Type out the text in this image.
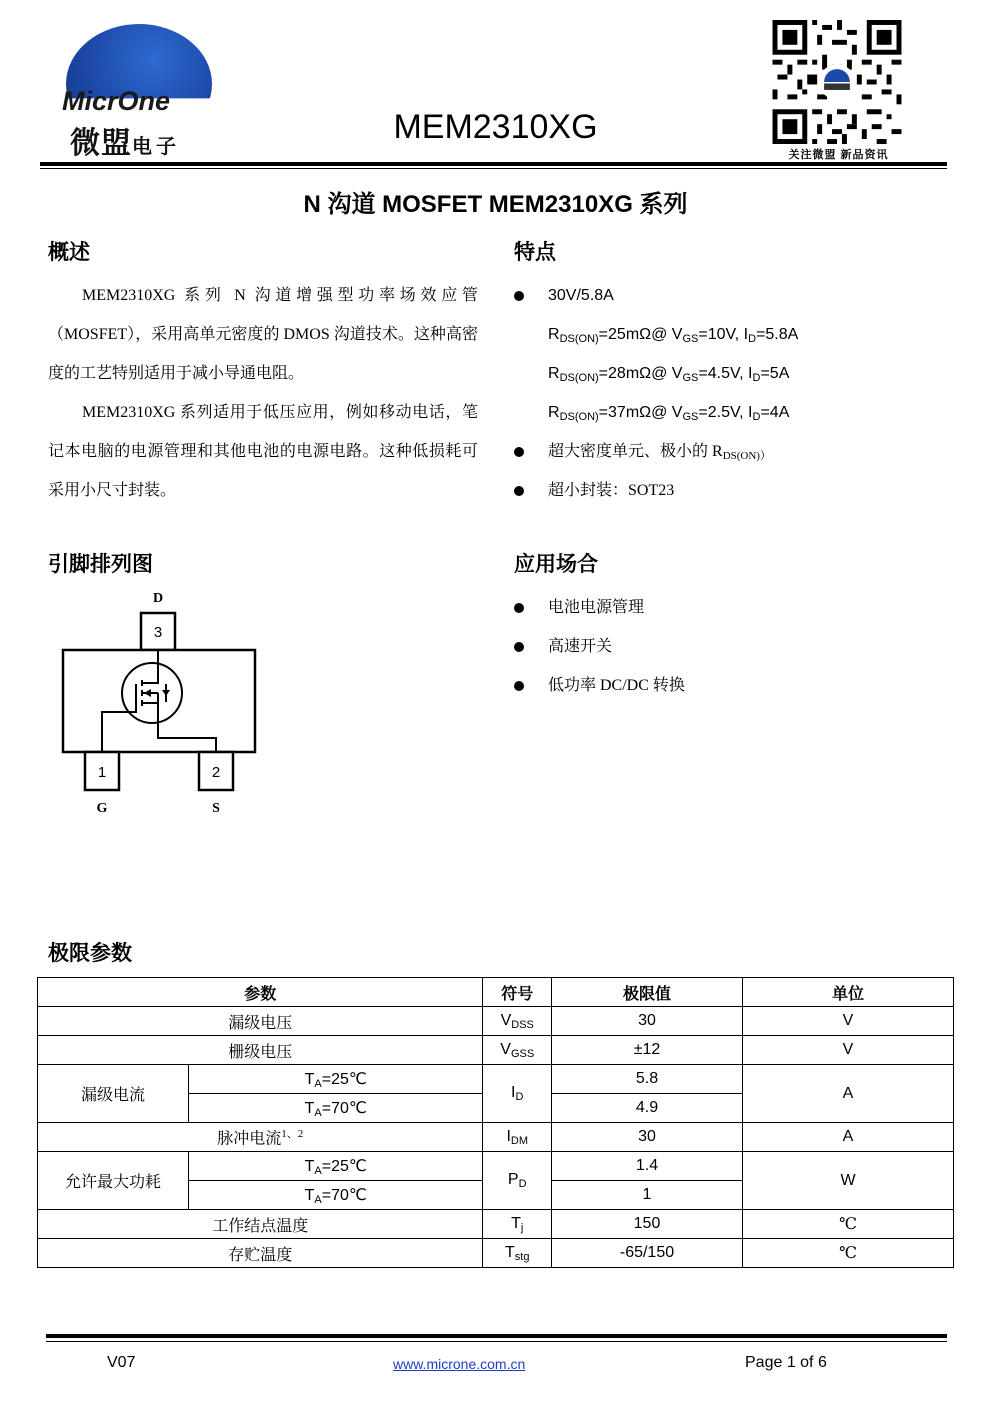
MicrOne
微盟电子
MEM2310XG
关注微盟 新品资讯
N 沟道 MOSFET MEM2310XG 系列
概述

MEM2310XG 系列 N 沟道增强型功率场效应管（MOSFET），采用高单元密度的 DMOS 沟道技术。这种高密度的工艺特别适用于减小导通电阻。

MEM2310XG 系列适用于低压应用，例如移动电话，笔记本电脑的电源管理和其他电池的电源电路。这种低损耗可采用小尺寸封装。

特点
30V/5.8A
$R_{DS(ON)}=25m\Omega@$ $V_{GS}=10V$, $I_D=5.8A$
$R_{DS(ON)}=28m\Omega@$ $V_{GS}=4.5V$, $I_D=5A$
$R_{DS(ON)}=37m\Omega@$ $V_{GS}=2.5V$, $I_D=4A$
超大密度单元、极小的 $R_{DS(ON))}$
超小封装：SOT23
引脚排列图
D
3
1	2
G	S
应用场合
电池电源管理
高速开关
低功率 DC/DC 转换
极限参数
参数		符号	极限值	单位
漏级电压		$V_{DSS}$	30	V
栅级电压		$V_{GSS}$	±12	V
漏级电流	$T_A=25℃$	$I_D$	5.8	A
	$T_A=70℃$		4.9	
脉冲电流$^{1、2}$		$I_{DM}$	30	A
允许最大功耗	$T_A=25℃$	$P_D$	1.4	W
	$T_A=70℃$		1	
工作结点温度		$T_j$	150	℃
存贮温度		$T_{stg}$	-65/150	℃
V07	www.microne.com.cn	Page 1 of 6
